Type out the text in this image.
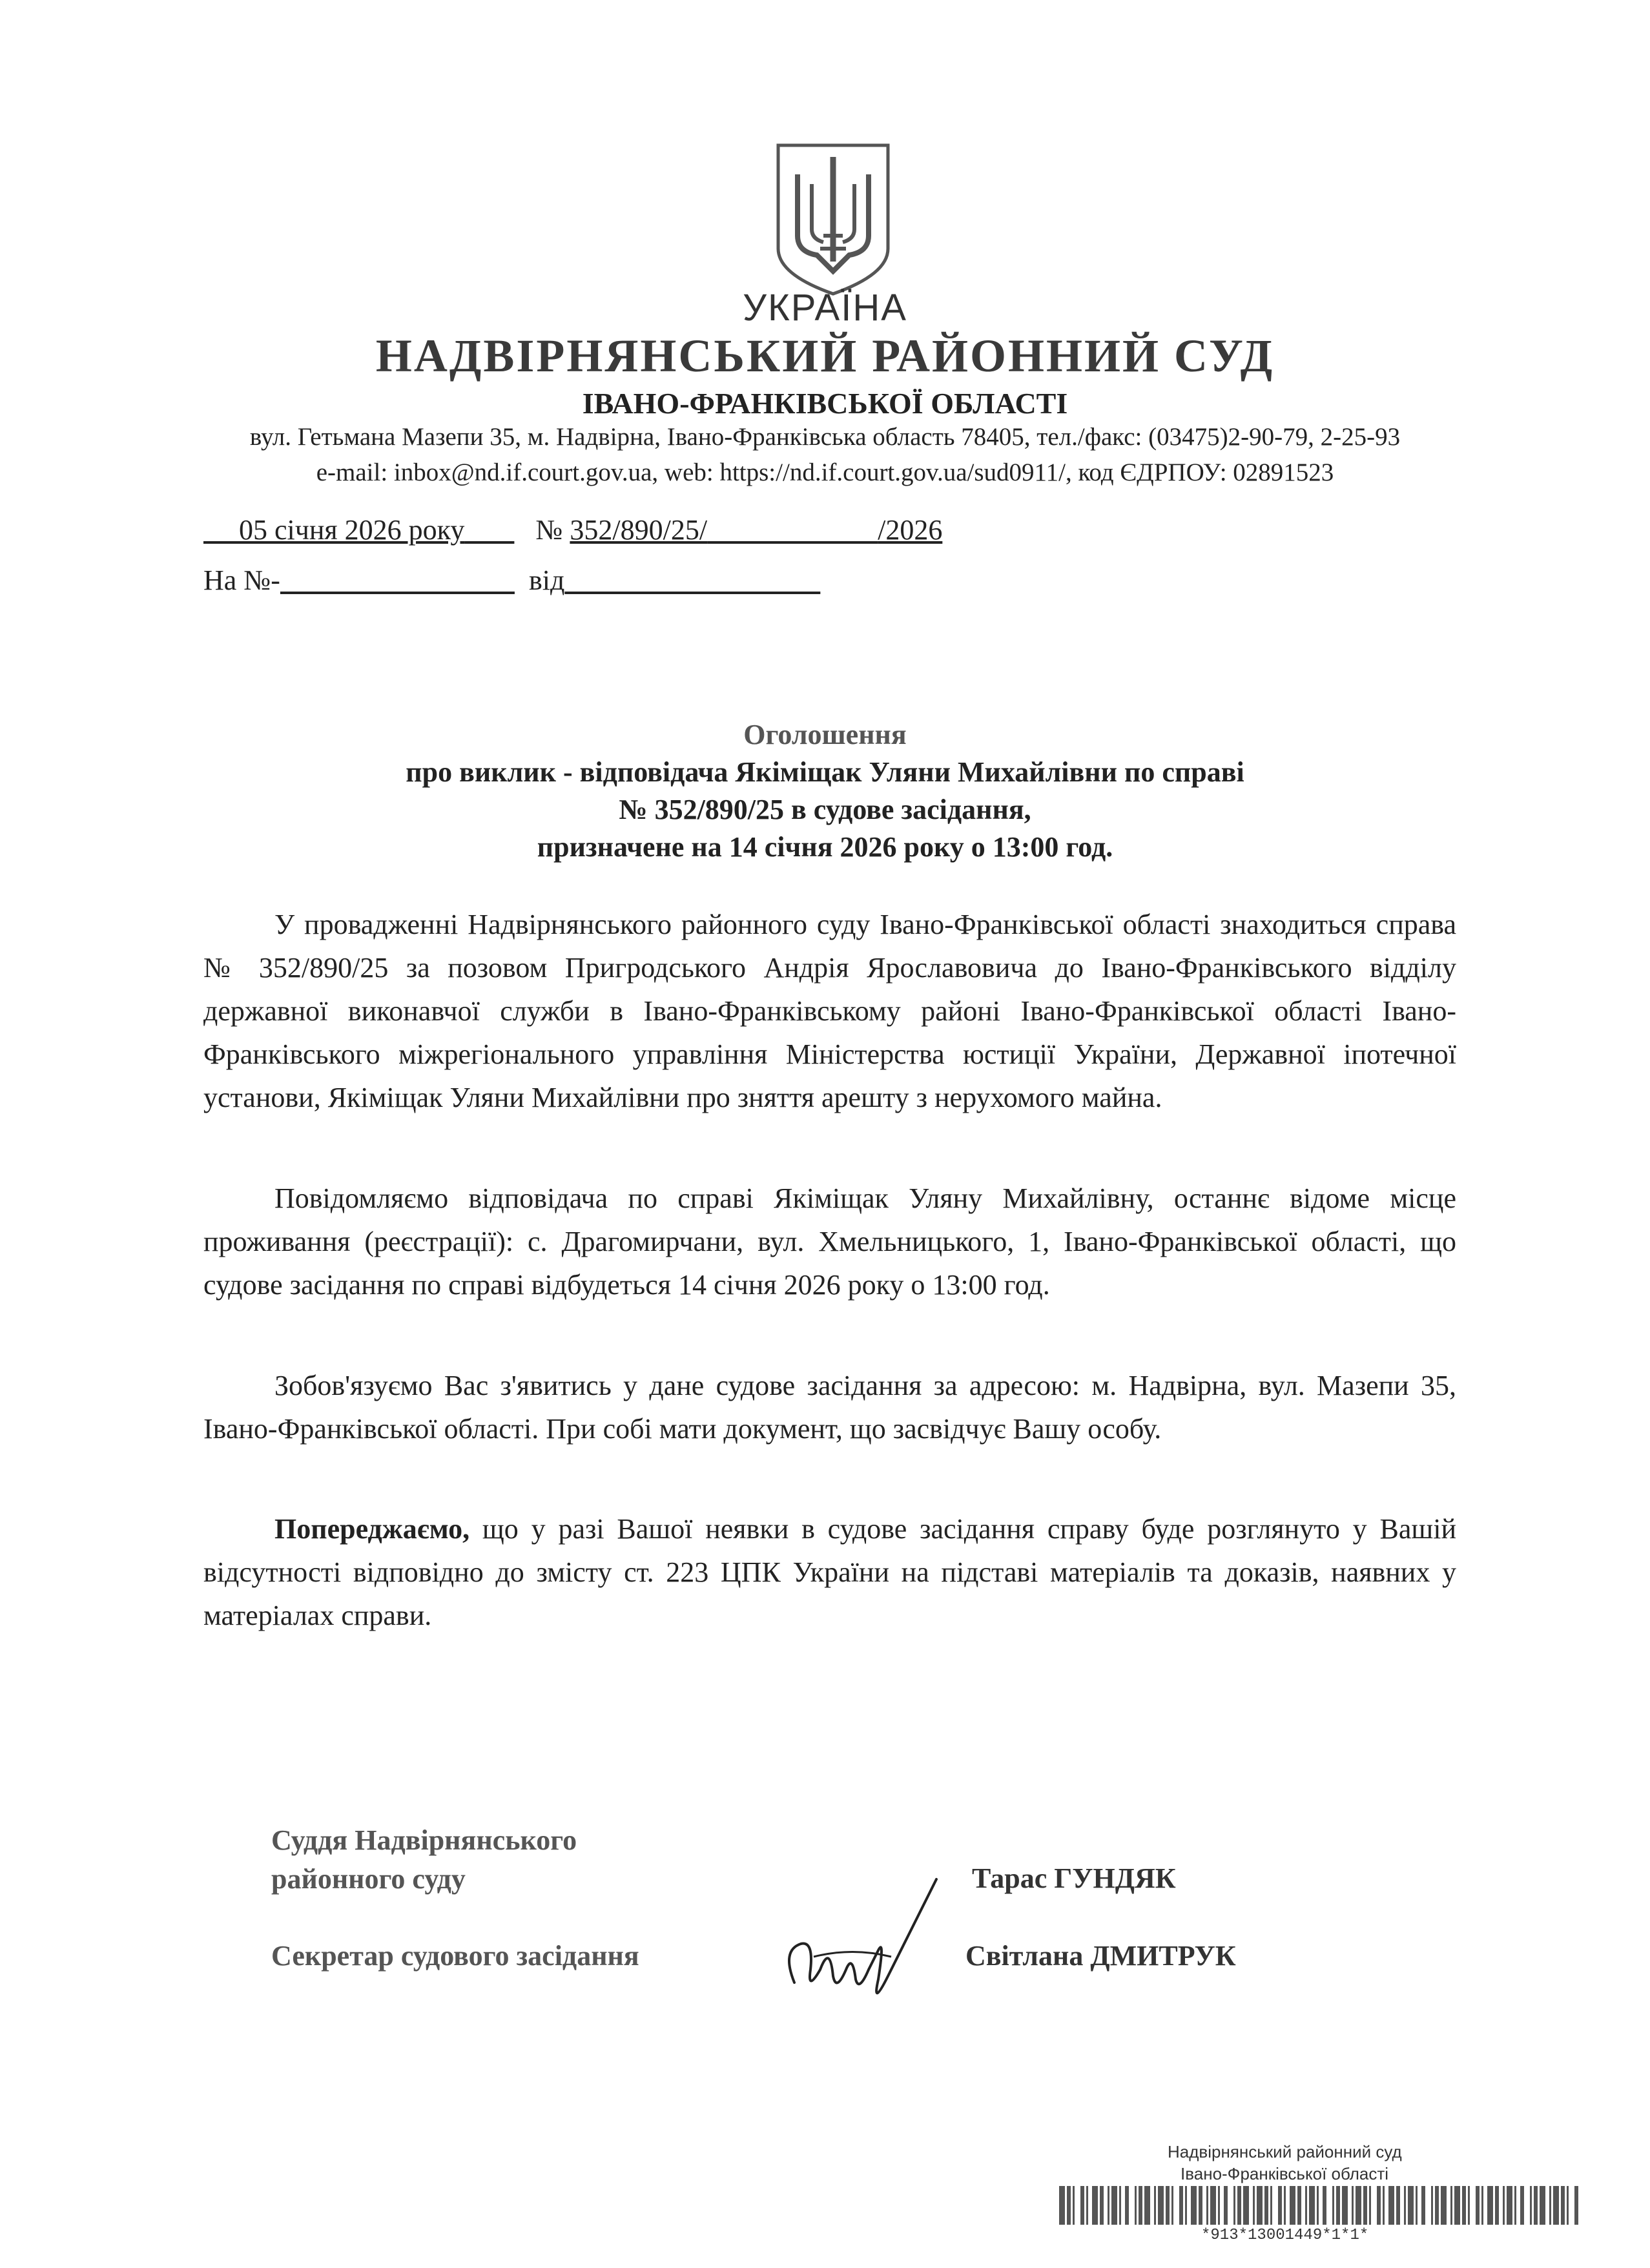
УКРАЇНА
НАДВІРНЯНСЬКИЙ РАЙОННИЙ СУД
ІВАНО-ФРАНКІВСЬКОЇ ОБЛАСТІ
вул. Гетьмана Мазепи 35, м. Надвірна, Івано-Франківська область 78405, тел./факс: (03475)2-90-79, 2-25-93
e-mail: inbox@nd.if.court.gov.ua, web: https://nd.if.court.gov.ua/sud0911/, код ЄДРПОУ: 02891523
05 січня 2026 року	№ 352/890/25/	/2026
На №-	від
Оголошення
про виклик - відповідача Якіміщак Уляни Михайлівни по справі
№ 352/890/25 в судове засідання,
призначене на 14 січня 2026 року о 13:00 год.
У провадженні Надвірнянського районного суду Івано-Франківської області знаходиться справа № 352/890/25 за позовом Пригродського Андрія Ярославовича до Івано-Франківського відділу державної виконавчої служби в Івано-Франківському районі Івано-Франківської області Івано-Франківського міжрегіонального управління Міністерства юстиції України, Державної іпотечної установи, Якіміщак Уляни Михайлівни про зняття арешту з нерухомого майна.
Повідомляємо відповідача по справі Якіміщак Уляну Михайлівну, останнє відоме місце проживання (реєстрації): с. Драгомирчани, вул. Хмельницького, 1, Івано-Франківської області, що судове засідання по справі відбудеться 14 січня 2026 року о 13:00 год.
Зобов'язуємо Вас з'явитись у дане судове засідання за адресою: м. Надвірна, вул. Мазепи 35, Івано-Франківської області. При собі мати документ, що засвідчує Вашу особу.
Попереджаємо, що у разі Вашої неявки в судове засідання справу буде розглянуто у Вашій відсутності відповідно до змісту ст. 223 ЦПК України на підставі матеріалів та доказів, наявних у матеріалах справи.
Суддя Надвірнянського
районного суду	Тарас ГУНДЯК
Секретар судового засідання	Світлана ДМИТРУК
Надвірнянський районний суд
Івано-Франківської області
*913*13001449*1*1*
